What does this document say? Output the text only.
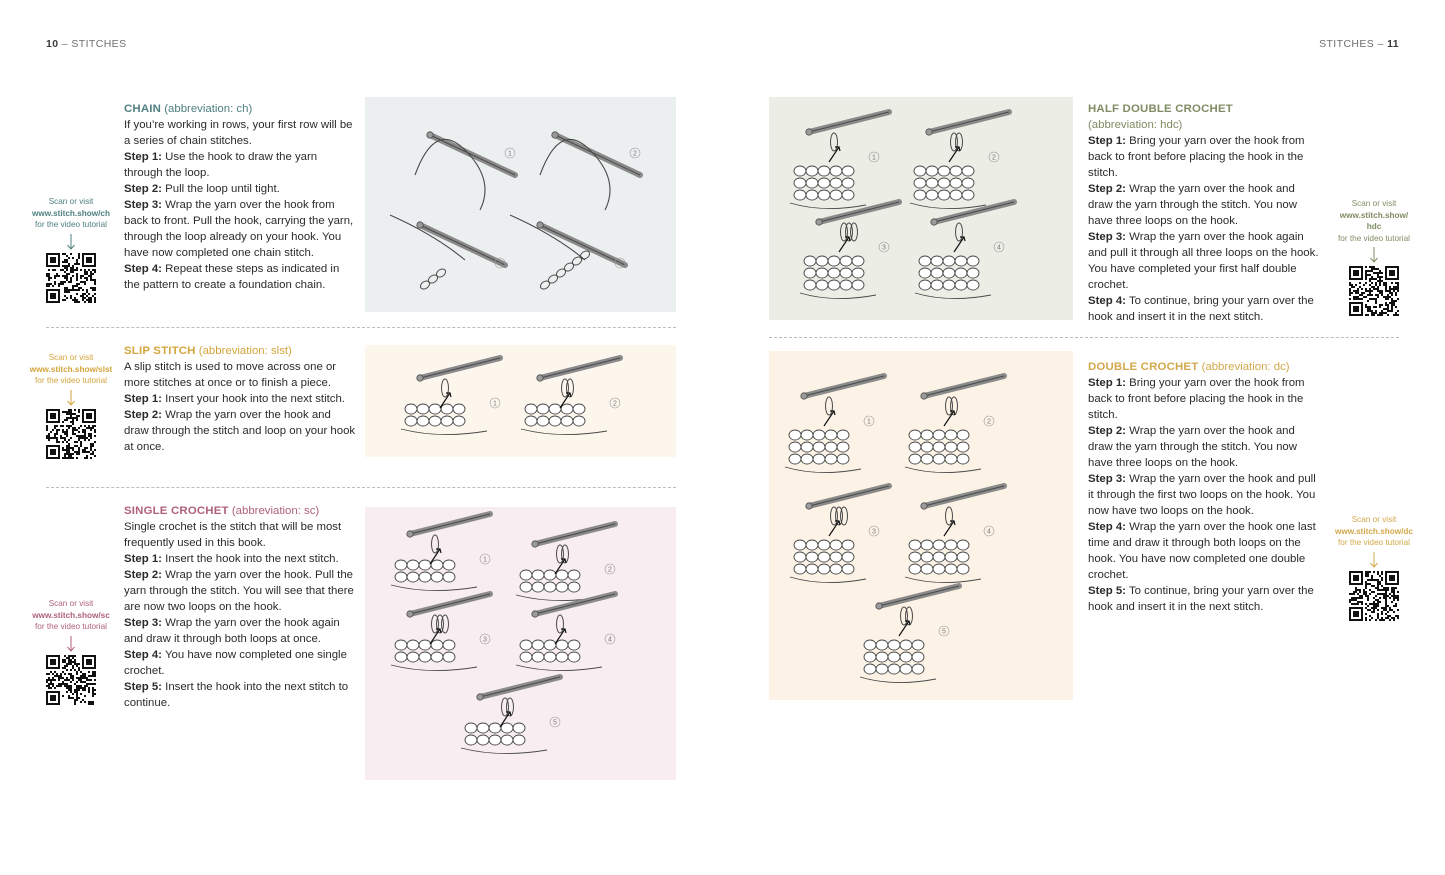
10 – STITCHES	STITCHES – 11

CHAIN (abbreviation: ch)

If you’re working in rows, your first row will be a series of chain stitches.

Step 1: Use the hook to draw the yarn through the loop.

Step 2: Pull the loop until tight.

Step 3: Wrap the yarn over the hook from back to front. Pull the hook, carrying the yarn, through the loop already on your hook. You have now completed one chain stitch.

Step 4: Repeat these steps as indicated in the pattern to create a foundation chain.

SLIP STITCH (abbreviation: slst)

A slip stitch is used to move across one or more stitches at once or to finish a piece.

Step 1: Insert your hook into the next stitch.

Step 2: Wrap the yarn over the hook and draw through the stitch and loop on your hook at once.

SINGLE CROCHET (abbreviation: sc)

Single crochet is the stitch that will be most frequently used in this book.

Step 1: Insert the hook into the next stitch.

Step 2: Wrap the yarn over the hook. Pull the yarn through the stitch. You will see that there are now two loops on the hook.

Step 3: Wrap the yarn over the hook again and draw it through both loops at once.

Step 4: You have now completed one single crochet.

Step 5: Insert the hook into the next stitch to continue.

HALF DOUBLE CROCHET
(abbreviation: hdc)

Step 1: Bring your yarn over the hook from back to front before placing the hook in the stitch.

Step 2: Wrap the yarn over the hook and draw the yarn through the stitch. You now have three loops on the hook.

Step 3: Wrap the yarn over the hook again and pull it through all three loops on the hook. You have completed your first half double crochet.

Step 4: To continue, bring your yarn over the hook and insert it in the next stitch.

DOUBLE CROCHET (abbreviation: dc)

Step 1: Bring your yarn over the hook from back to front before placing the hook in the stitch.

Step 2: Wrap the yarn over the hook and draw the yarn through the stitch. You now have three loops on the hook.

Step 3: Wrap the yarn over the hook and pull it through the first two loops on the hook. You now have two loops on the hook.

Step 4: Wrap the yarn over the hook one last time and draw it through both loops on the hook. You have now completed one double crochet.

Step 5: To continue, bring your yarn over the hook and insert it in the next stitch.

Scan or visit
www.stitch.show/ch
for the video tutorial
Scan or visit
www.stitch.show/slst
for the video tutorial
Scan or visit
www.stitch.show/sc
for the video tutorial
Scan or visit
www.stitch.show/
hdc
for the video tutorial
Scan or visit
www.stitch.show/dc
for the video tutorial
1	2
3	4
1	2
1
2
3	4
5
1	2
3	4
1	2
3	4
5
